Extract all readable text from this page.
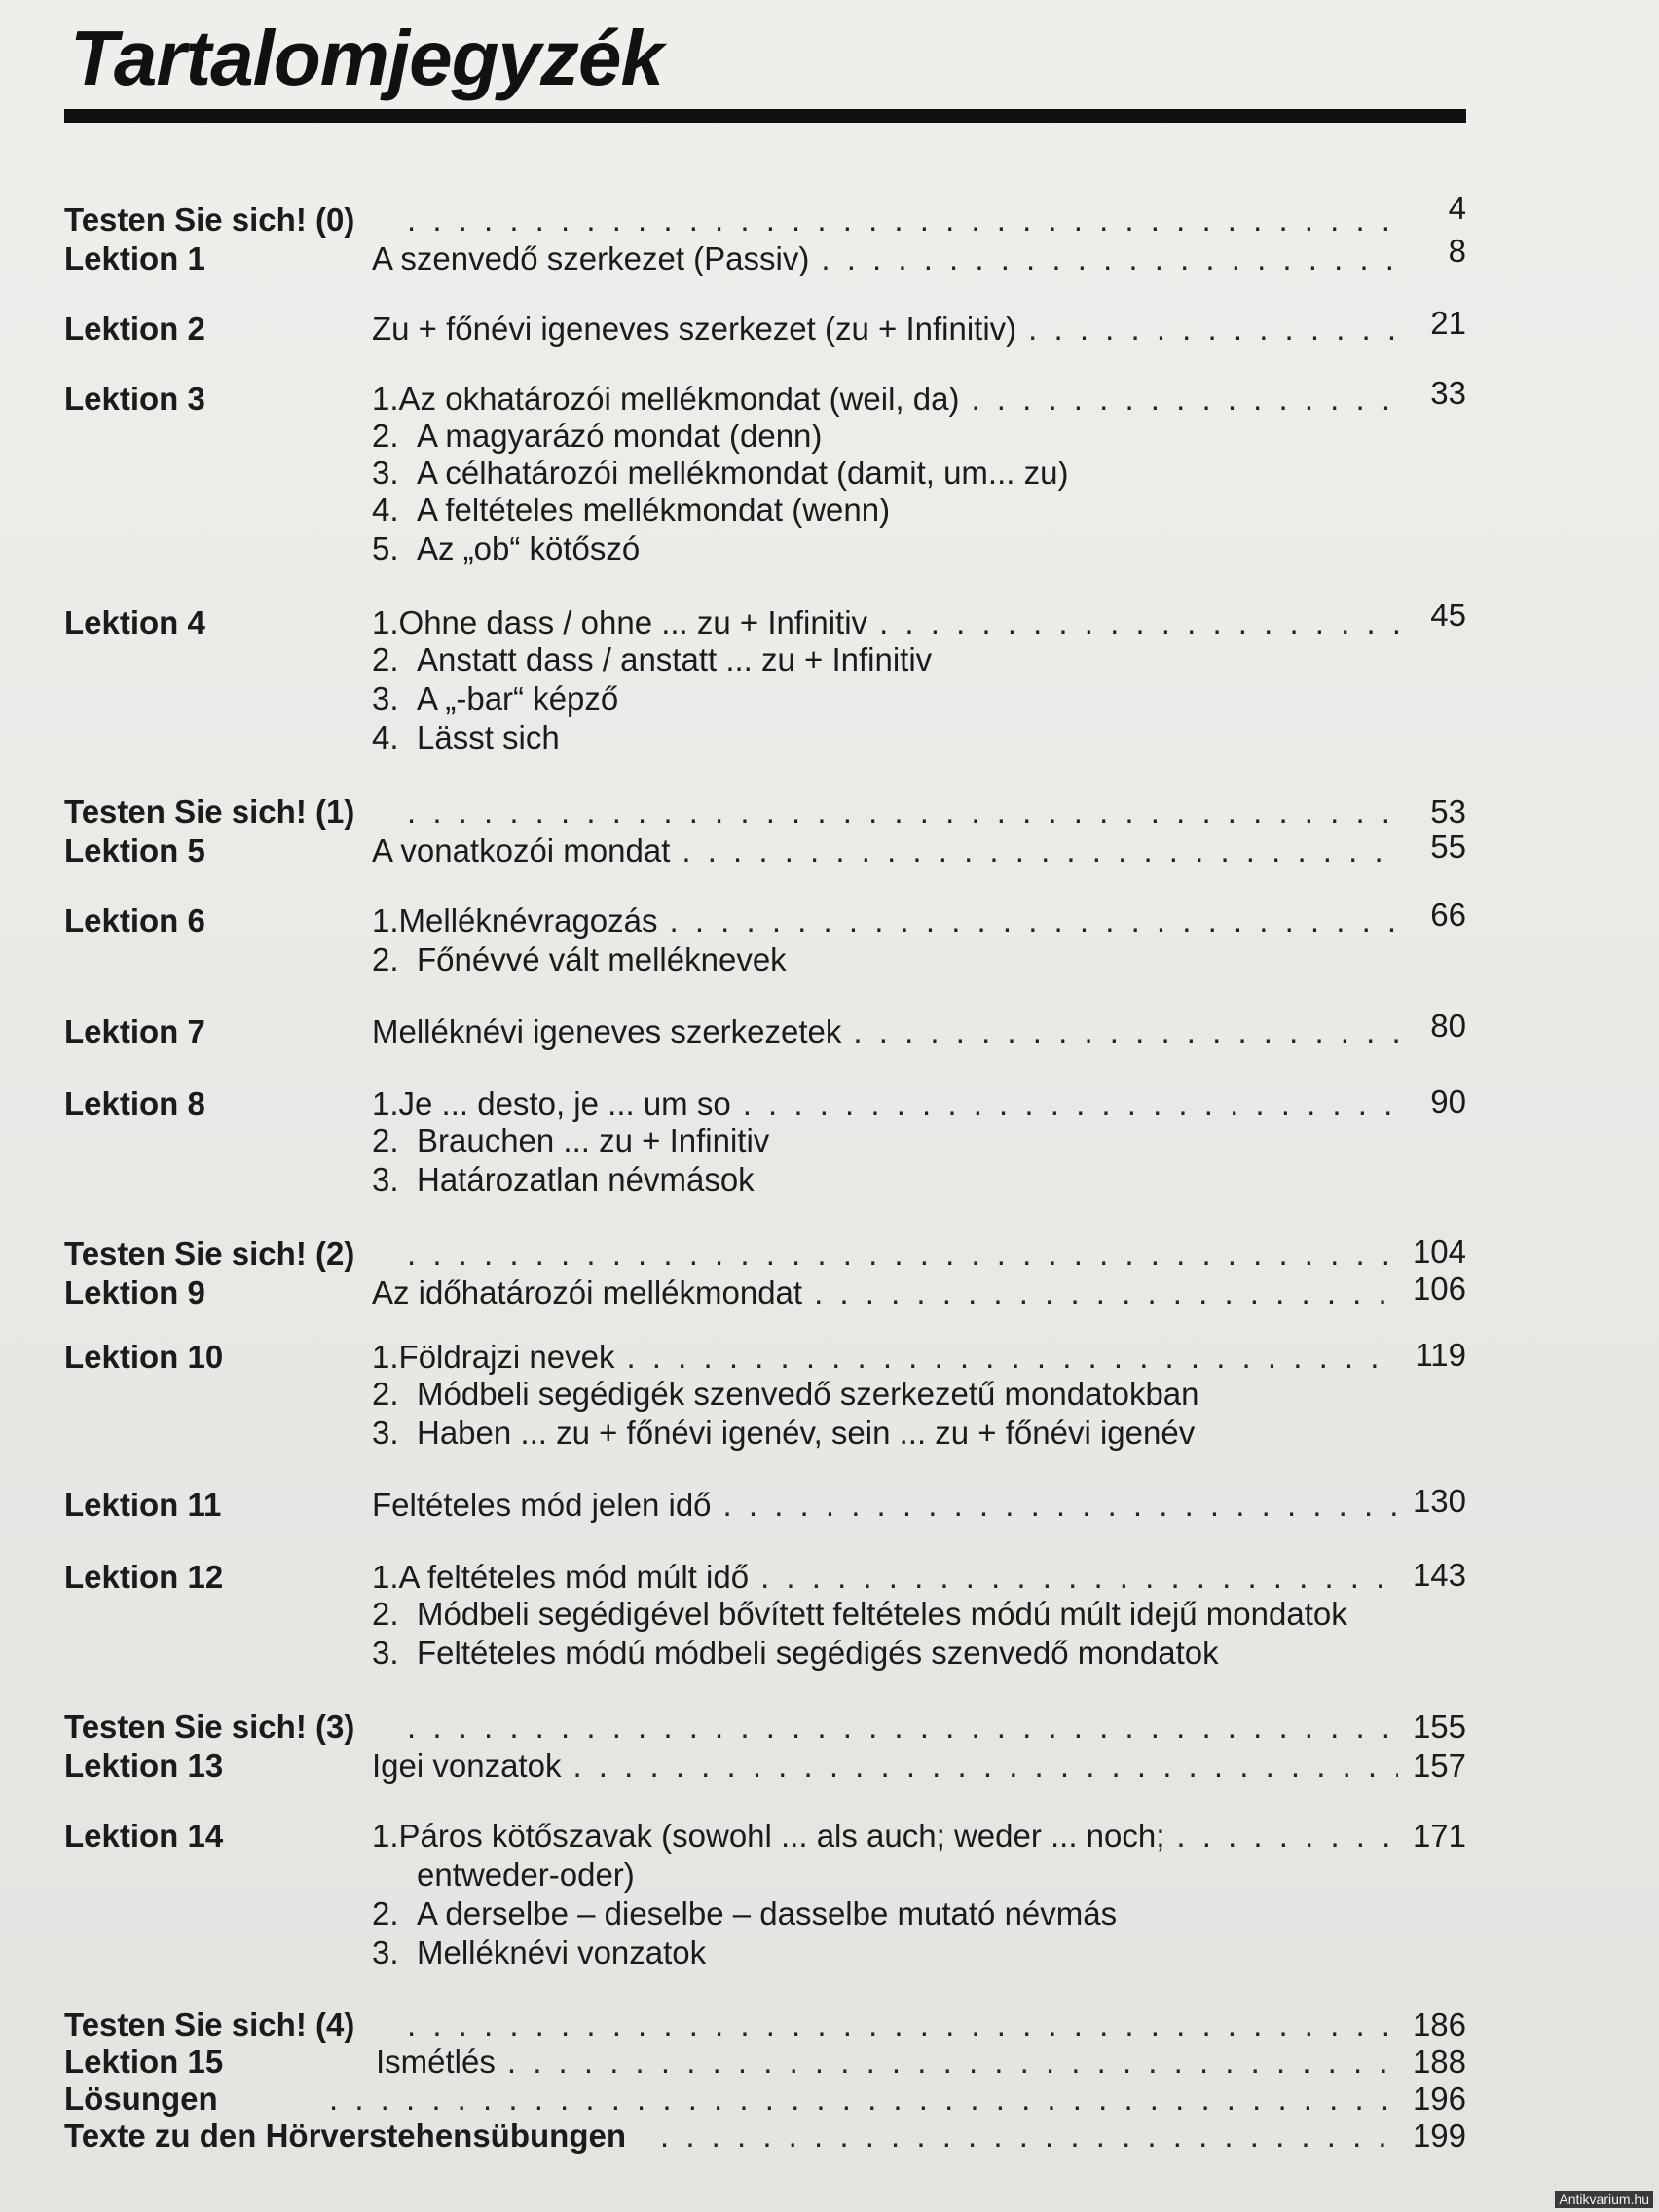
Tartalomjegyzék
Testen Sie sich! (0) . . .	4
Lektion 1	A szenvedő szerkezet (Passiv) . . .	8
Lektion 2	Zu + főnévi igeneves szerkezet (zu + Infinitiv) . . .	21
Lektion 3	1. Az okhatározói mellékmondat (weil, da) . . .	33
2. A magyarázó mondat (denn)
3. A célhatározói mellékmondat (damit, um... zu)
4. A feltételes mellékmondat (wenn)
5. Az „ob“ kötőszó
Lektion 4	1. Ohne dass / ohne ... zu + Infinitiv . . .	45
2. Anstatt dass / anstatt ... zu + Infinitiv
3. A „-bar“ képző
4. Lässt sich
Testen Sie sich! (1) . . .	53
Lektion 5	A vonatkozói mondat . . .	55
Lektion 6	1. Melléknévragozás . . .	66
2. Főnévvé vált melléknevek
Lektion 7	Melléknévi igeneves szerkezetek . . .	80
Lektion 8	1. Je ... desto, je ... um so . . .	90
2. Brauchen ... zu + Infinitiv
3. Határozatlan névmások
Testen Sie sich! (2) . . .	104
Lektion 9	Az időhatározói mellékmondat . . .	106
Lektion 10	1. Földrajzi nevek . . .	119
2. Módbeli segédigék szenvedő szerkezetű mondatokban
3. Haben ... zu + főnévi igenév, sein ... zu + főnévi igenév
Lektion 11	Feltételes mód jelen idő . . .	130
Lektion 12	1. A feltételes mód múlt idő . . .	143
2. Módbeli segédigével bővített feltételes módú múlt idejű mondatok
3. Feltételes módú módbeli segédigés szenvedő mondatok
Testen Sie sich! (3) . . .	155
Lektion 13	Igei vonzatok . . .	157
Lektion 14	1. Páros kötőszavak (sowohl ... als auch; weder ... noch; . . .	171
entweder-oder)
2. A derselbe – dieselbe – dasselbe mutató névmás
3. Melléknévi vonzatok
Testen Sie sich! (4) . . .	186
Lektion 15	Ismétlés . . .	188
Lösungen . . .	196
Texte zu den Hörverstehensübungen . . .	199
Antikvarium.hu
